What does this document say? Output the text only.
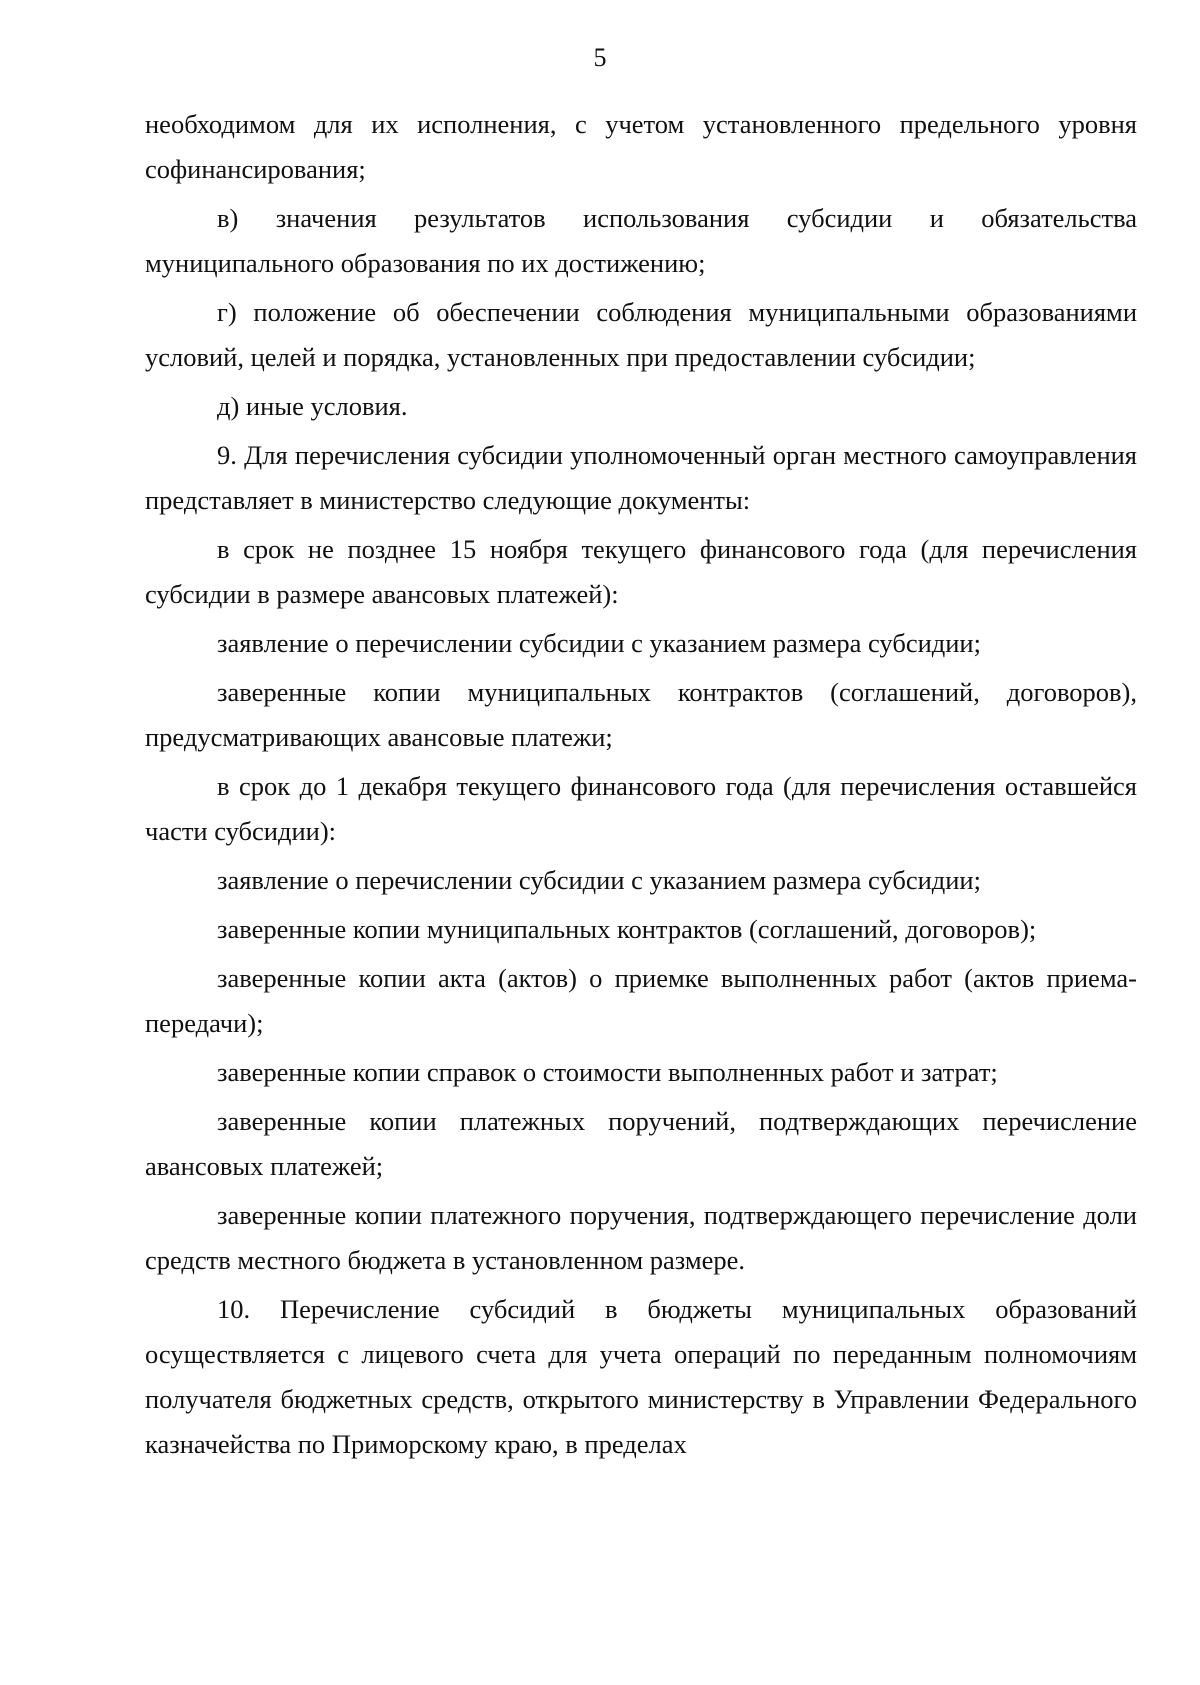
5

необходимом для их исполнения, с учетом установленного предельного уровня софинансирования;

в) значения результатов использования субсидии и обязательства муниципального образования по их достижению;

г) положение об обеспечении соблюдения муниципальными образованиями условий, целей и порядка, установленных при предоставлении субсидии;

д) иные условия.

9. Для перечисления субсидии уполномоченный орган местного самоуправления представляет в министерство следующие документы:

в срок не позднее 15 ноября текущего финансового года (для перечисления субсидии в размере авансовых платежей):

заявление о перечислении субсидии с указанием размера субсидии;

заверенные копии муниципальных контрактов (соглашений, договоров), предусматривающих авансовые платежи;

в срок до 1 декабря текущего финансового года (для перечисления оставшейся части субсидии):

заявление о перечислении субсидии с указанием размера субсидии;

заверенные копии муниципальных контрактов (соглашений, договоров);

заверенные копии акта (актов) о приемке выполненных работ (актов приема-передачи);

заверенные копии справок о стоимости выполненных работ и затрат;

заверенные копии платежных поручений, подтверждающих перечисление авансовых платежей;

заверенные копии платежного поручения, подтверждающего перечисление доли средств местного бюджета в установленном размере.

10. Перечисление субсидий в бюджеты муниципальных образований осуществляется с лицевого счета для учета операций по переданным полномочиям получателя бюджетных средств, открытого министерству в Управлении Федерального казначейства по Приморскому краю, в пределах
